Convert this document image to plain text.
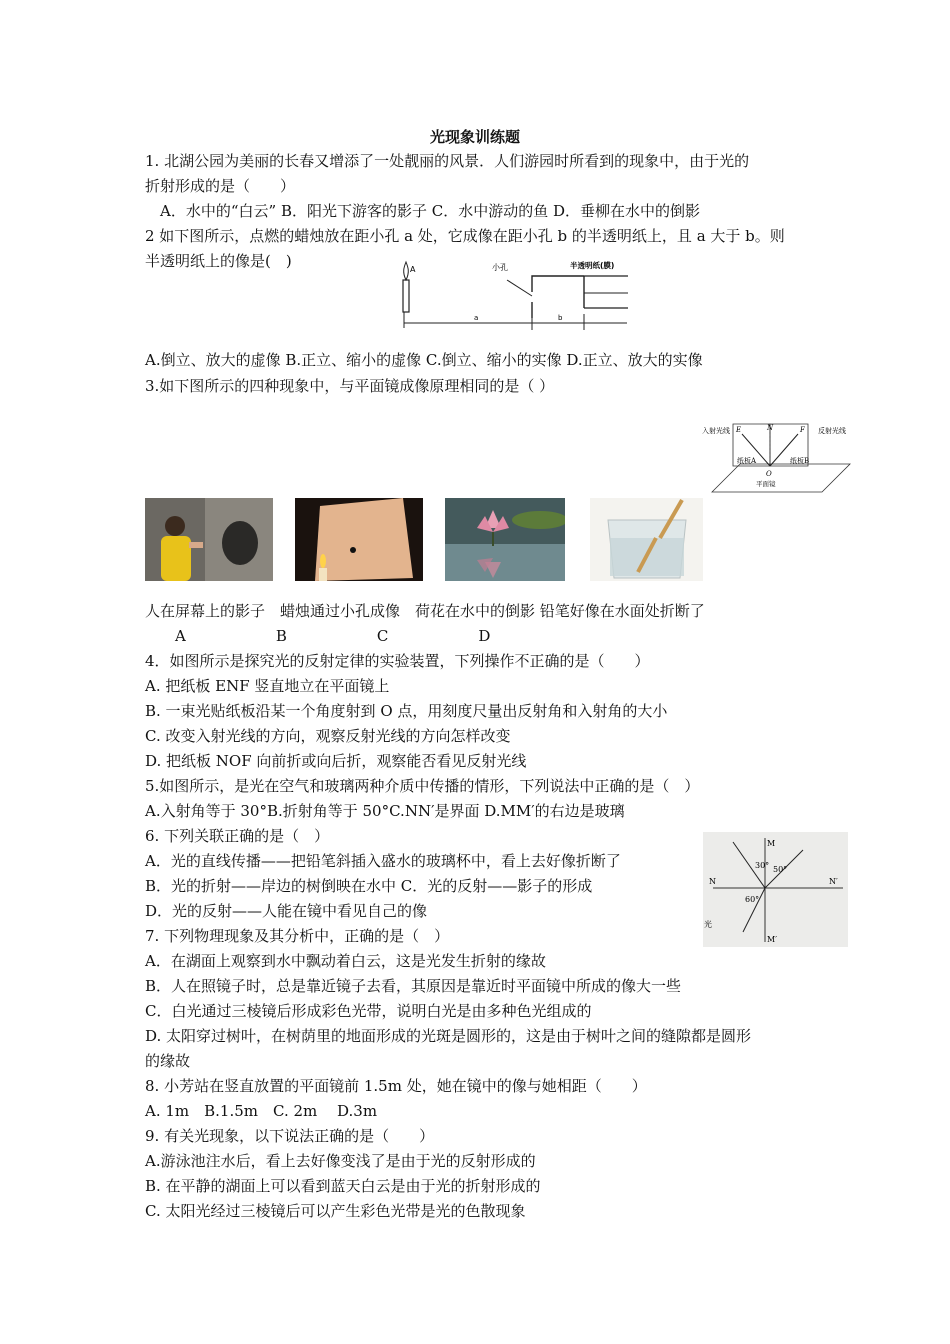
光现象训练题
1. 北湖公园为美丽的长春又增添了一处靓丽的风景．人们游园时所看到的现象中，由于光的
折射形成的是（　　）
　A．水中的“白云” B．阳光下游客的影子 C．水中游动的鱼 D．垂柳在水中的倒影
2 如下图所示，点燃的蜡烛放在距小孔 a 处，它成像在距小孔 b 的半透明纸上，且 a 大于 b。则
半透明纸上的像是(　)	A	小孔	半透明纸(膜)
a	b
A.倒立、放大的虚像 B.正立、缩小的虚像 C.倒立、缩小的实像 D.正立、放大的实像
3.如下图所示的四种现象中，与平面镜成像原理相同的是（ ）
入射光线	反射光线
E	N	F
纸板A	纸板B
O
平面镜
人在屏幕上的影子　蜡烛通过小孔成像　荷花在水中的倒影 铅笔好像在水面处折断了
　　A　　　　　　B　　　　　　C　　　　　　D
4．如图所示是探究光的反射定律的实验装置，下列操作不正确的是（　　）
A. 把纸板 ENF 竖直地立在平面镜上
B. 一束光贴纸板沿某一个角度射到 O 点，用刻度尺量出反射角和入射角的大小
C. 改变入射光线的方向，观察反射光线的方向怎样改变
D. 把纸板 NOF 向前折或向后折，观察能否看见反射光线
5.如图所示，是光在空气和玻璃两种介质中传播的情形，下列说法中正确的是（　）
A.入射角等于 30°B.折射角等于 50°C.NN′是界面 D.MM′的右边是玻璃
6. 下列关联正确的是（　）
A．光的直线传播——把铅笔斜插入盛水的玻璃杯中，看上去好像折断了
B．光的折射——岸边的树倒映在水中 C．光的反射——影子的形成
D．光的反射——人能在镜中看见自己的像
M
M′
N	N′
30° 50°
60°
光
7. 下列物理现象及其分析中，正确的是（　）
A．在湖面上观察到水中飘动着白云，这是光发生折射的缘故
B．人在照镜子时，总是靠近镜子去看，其原因是靠近时平面镜中所成的像大一些
C．白光通过三棱镜后形成彩色光带，说明白光是由多种色光组成的
D. 太阳穿过树叶，在树荫里的地面形成的光斑是圆形的，这是由于树叶之间的缝隙都是圆形
的缘故
8. 小芳站在竖直放置的平面镜前 1.5m 处，她在镜中的像与她相距（　　）
A. 1m　B.1.5m　C. 2m　 D.3m
9. 有关光现象，以下说法正确的是（　　）
A.游泳池注水后，看上去好像变浅了是由于光的反射形成的
B. 在平静的湖面上可以看到蓝天白云是由于光的折射形成的
C. 太阳光经过三棱镜后可以产生彩色光带是光的色散现象
